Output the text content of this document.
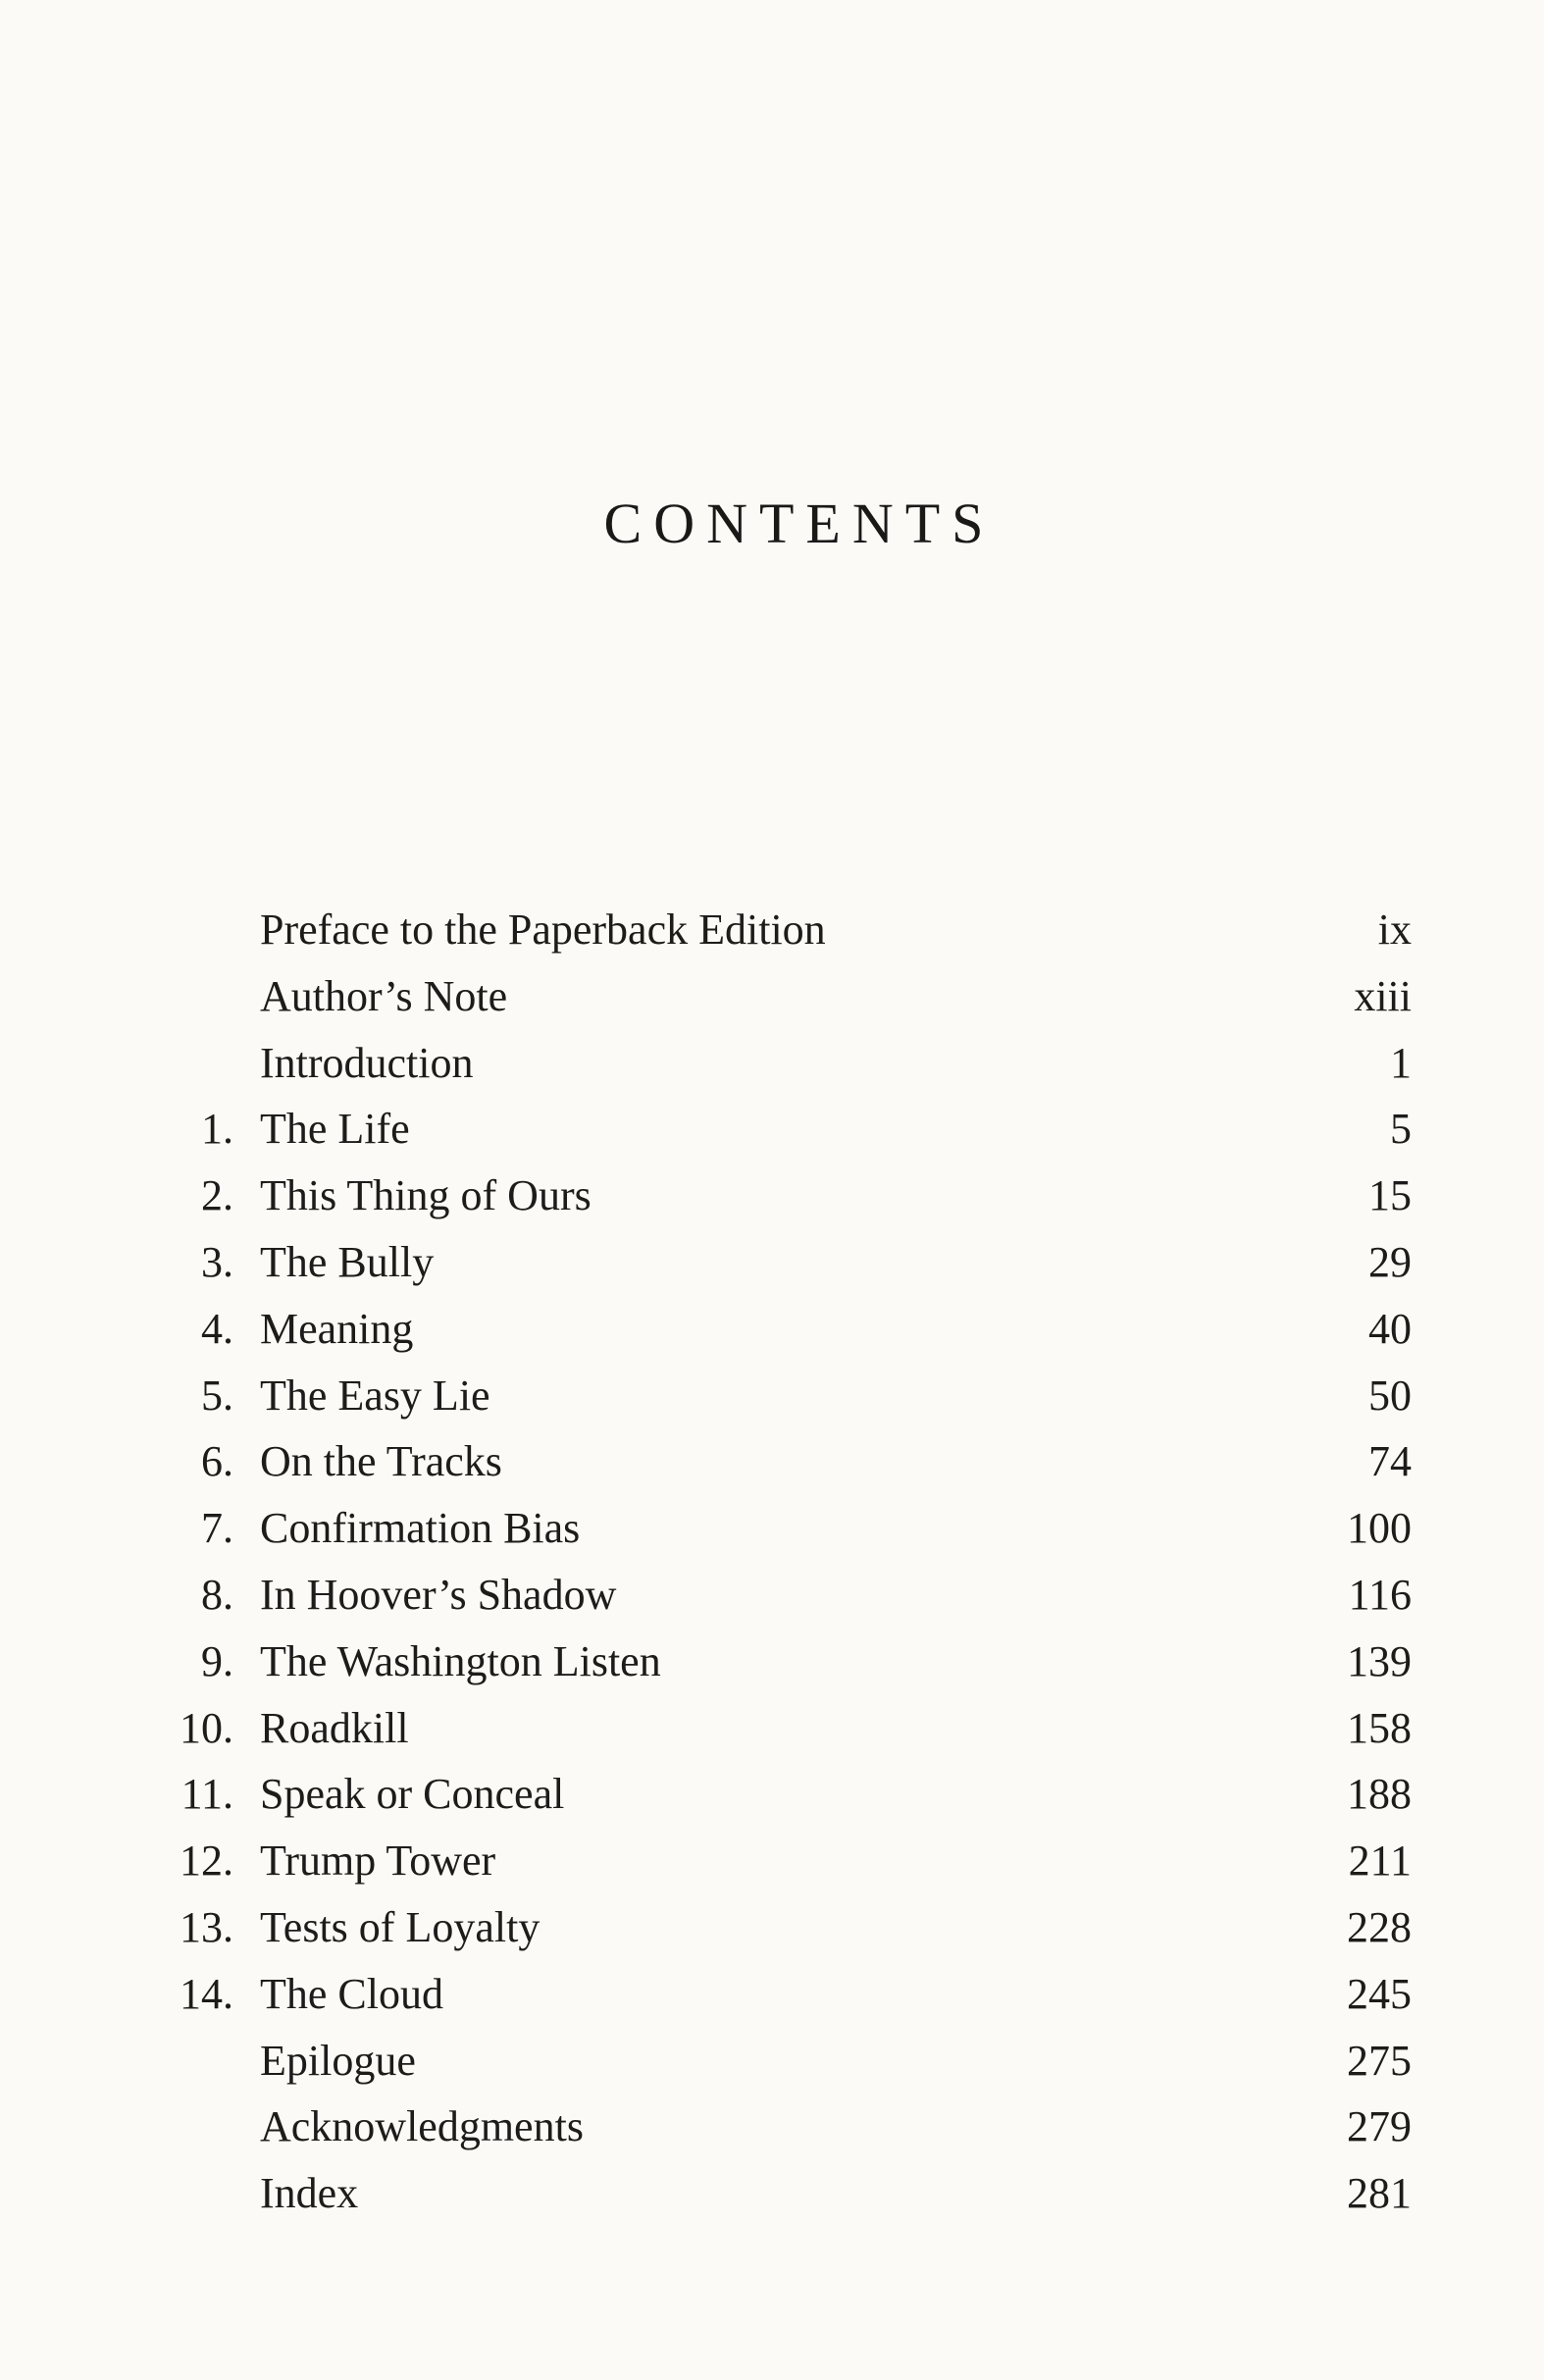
CONTENTS
Preface to the Paperback Edition	ix
Author’s Note	xiii
Introduction	1
1. The Life	5
2. This Thing of Ours	15
3. The Bully	29
4. Meaning	40
5. The Easy Lie	50
6. On the Tracks	74
7. Confirmation Bias	100
8. In Hoover’s Shadow	116
9. The Washington Listen	139
10. Roadkill	158
11. Speak or Conceal	188
12. Trump Tower	211
13. Tests of Loyalty	228
14. The Cloud	245
Epilogue	275
Acknowledgments	279
Index	281
